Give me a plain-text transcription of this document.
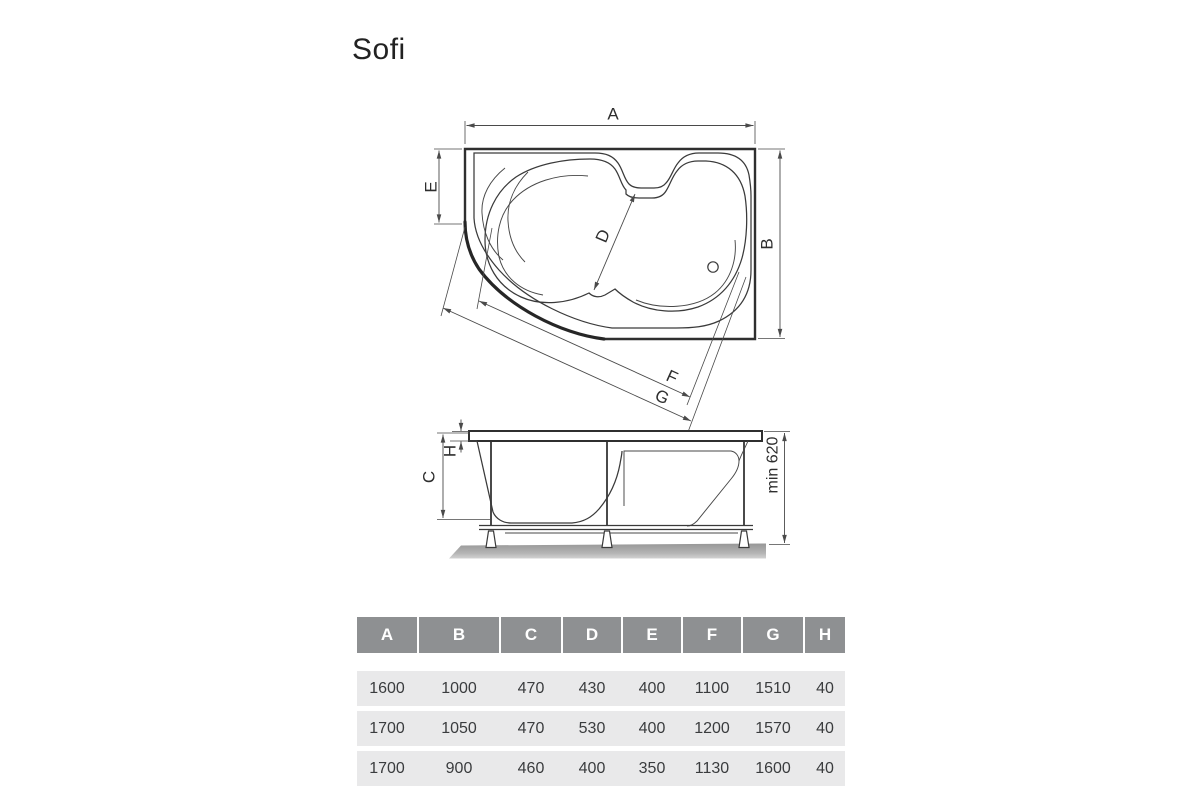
Sofi
A
E
B
D
F
G
C
H	min 620
A	B	C	D	E	F	G	H
1600	1000	470	430	400	1100	1510	40
1700	1050	470	530	400	1200	1570	40
1700	900	460	400	350	1130	1600	40
